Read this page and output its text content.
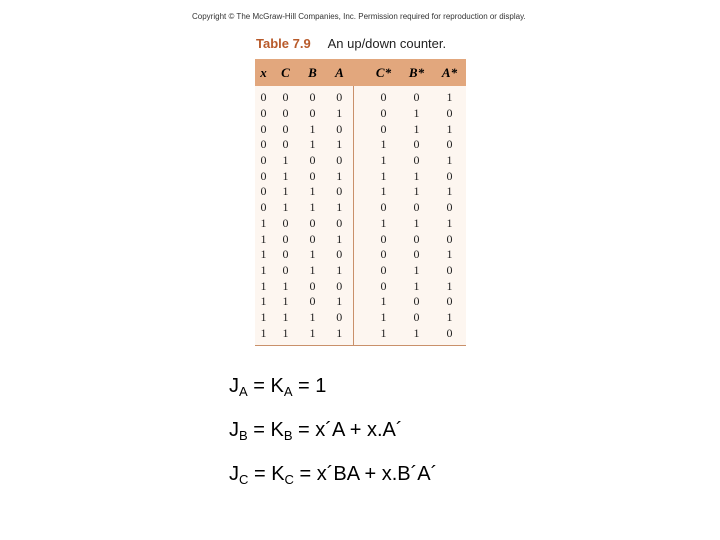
Copyright © The McGraw-Hill Companies, Inc. Permission required for reproduction or display.
Table 7.9 An up/down counter.
x	C	B	A		C*	B*	A*
0	0	0	0		0	0	1
0	0	0	1		0	1	0
0	0	1	0		0	1	1
0	0	1	1		1	0	0
0	1	0	0		1	0	1
0	1	0	1		1	1	0
0	1	1	0		1	1	1
0	1	1	1		0	0	0
1	0	0	0		1	1	1
1	0	0	1		0	0	0
1	0	1	0		0	0	1
1	0	1	1		0	1	0
1	1	0	0		0	1	1
1	1	0	1		1	0	0
1	1	1	0		1	0	1
1	1	1	1		1	1	0
$J_A = K_A = 1$
$J_B = K_B$ = x´A + x.A´
$J_C = K_C$ = x´BA + x.B´A´
